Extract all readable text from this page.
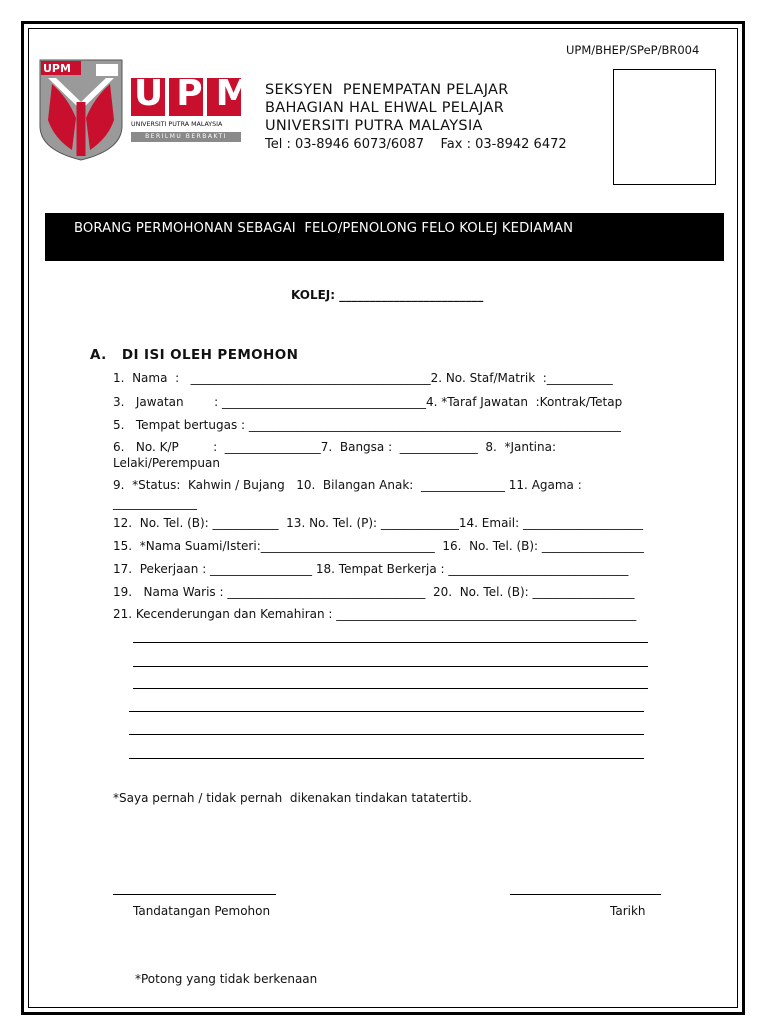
UPM/BHEP/SPeP/BR004
UPM
UPM
UNIVERSITI PUTRA MALAYSIA
BERILMU BERBAKTI
SEKSYEN  PENEMPATAN PELAJAR
BAHAGIAN HAL EHWAL PELAJAR
UNIVERSITI PUTRA MALAYSIA
Tel : 03-8946 6073/6087    Fax : 03-8942 6472
BORANG PERMOHONAN SEBAGAI  FELO/PENOLONG FELO KOLEJ KEDIAMAN
KOLEJ: ________________________
A.   DI ISI OLEH PEMOHON
1.  Nama  :   ________________________________________2. No. Staf/Matrik  :___________
3.   Jawatan        : __________________________________4. *Taraf Jawatan  :Kontrak/Tetap
5.   Tempat bertugas : ______________________________________________________________
6.   No. K/P         :  ________________7.  Bangsa :  _____________  8.  *Jantina:
Lelaki/Perempuan
9.  *Status:  Kahwin / Bujang   10.  Bilangan Anak:  ______________ 11. Agama :
______________
12.  No. Tel. (B): ___________  13. No. Tel. (P): _____________14. Email: ____________________
15.  *Nama Suami/Isteri:_____________________________  16.  No. Tel. (B): _________________
17.  Pekerjaan : _________________ 18. Tempat Berkerja : ______________________________
19.   Nama Waris : _________________________________  20.  No. Tel. (B): _________________
21. Kecenderungan dan Kemahiran : __________________________________________________
*Saya pernah / tidak pernah  dikenakan tindakan tatatertib.
Tandatangan Pemohon	Tarikh
*Potong yang tidak berkenaan
